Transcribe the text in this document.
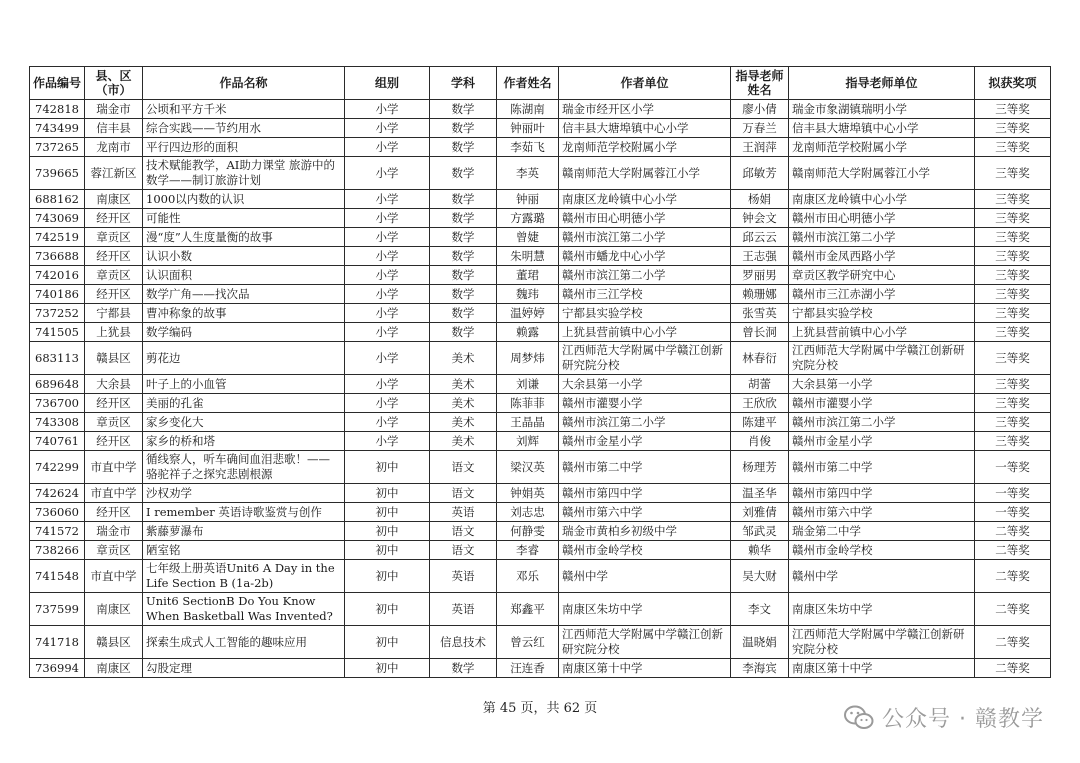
作品编号	县、区（市）	作品名称	组别	学科	作者姓名	作者单位	指导老师姓名	指导老师单位	拟获奖项
742818	瑞金市	公顷和平方千米	小学	数学	陈湖南	瑞金市经开区小学	廖小倩	瑞金市象湖镇瑞明小学	三等奖
743499	信丰县	综合实践——节约用水	小学	数学	钟丽叶	信丰县大塘埠镇中心小学	万春兰	信丰县大塘埠镇中心小学	三等奖
737265	龙南市	平行四边形的面积	小学	数学	李茹飞	龙南师范学校附属小学	王润萍	龙南师范学校附属小学	三等奖
739665	蓉江新区	技术赋能教学，AI助力课堂 旅游中的数学——制订旅游计划	小学	数学	李英	赣南师范大学附属蓉江小学	邱敏芳	赣南师范大学附属蓉江小学	三等奖
688162	南康区	1000以内数的认识	小学	数学	钟丽	南康区龙岭镇中心小学	杨娟	南康区龙岭镇中心小学	三等奖
743069	经开区	可能性	小学	数学	方露璐	赣州市田心明德小学	钟会文	赣州市田心明德小学	三等奖
742519	章贡区	漫“度”人生度量衡的故事	小学	数学	曾婕	赣州市滨江第二小学	邱云云	赣州市滨江第二小学	三等奖
736688	经开区	认识小数	小学	数学	朱明慧	赣州市蟠龙中心小学	王志强	赣州市金凤西路小学	三等奖
742016	章贡区	认识面积	小学	数学	董珺	赣州市滨江第二小学	罗丽男	章贡区教学研究中心	三等奖
740186	经开区	数学广角——找次品	小学	数学	魏玮	赣州市三江学校	赖珊娜	赣州市三江赤湖小学	三等奖
737252	宁都县	曹冲称象的故事	小学	数学	温婷婷	宁都县实验学校	张雪英	宁都县实验学校	三等奖
741505	上犹县	数学编码	小学	数学	赖露	上犹县营前镇中心小学	曾长洞	上犹县营前镇中心小学	三等奖
683113	赣县区	剪花边	小学	美术	周梦炜	江西师范大学附属中学赣江创新研究院分校	林春衍	江西师范大学附属中学赣江创新研究院分校	三等奖
689648	大余县	叶子上的小血管	小学	美术	刘谦	大余县第一小学	胡蕾	大余县第一小学	三等奖
736700	经开区	美丽的孔雀	小学	美术	陈菲菲	赣州市灌婴小学	王欣欣	赣州市灌婴小学	三等奖
743308	章贡区	家乡变化大	小学	美术	王晶晶	赣州市滨江第二小学	陈建平	赣州市滨江第二小学	三等奖
740761	经开区	家乡的桥和塔	小学	美术	刘辉	赣州市金星小学	肖俊	赣州市金星小学	三等奖
742299	市直中学	循线察人，听车确间血泪悲歌！——骆驼祥子之探究悲剧根源	初中	语文	梁汉英	赣州市第二中学	杨理芳	赣州市第二中学	一等奖
742624	市直中学	沙权劝学	初中	语文	钟娟英	赣州市第四中学	温圣华	赣州市第四中学	一等奖
736060	经开区	I remember 英语诗歌鉴赏与创作	初中	英语	刘志忠	赣州市第六中学	刘雅倩	赣州市第六中学	一等奖
741572	瑞金市	紫藤萝瀑布	初中	语文	何静雯	瑞金市黄柏乡初级中学	邹武灵	瑞金第二中学	二等奖
738266	章贡区	陋室铭	初中	语文	李睿	赣州市金岭学校	赖华	赣州市金岭学校	二等奖
741548	市直中学	七年级上册英语Unit6 A Day in the Life Section B (1a-2b)	初中	英语	邓乐	赣州中学	吴大财	赣州中学	二等奖
737599	南康区	Unit6 SectionB Do You Know When Basketball Was Invented?	初中	英语	郑鑫平	南康区朱坊中学	李文	南康区朱坊中学	二等奖
741718	赣县区	探索生成式人工智能的趣味应用	初中	信息技术	曾云红	江西师范大学附属中学赣江创新研究院分校	温晓娟	江西师范大学附属中学赣江创新研究院分校	二等奖
736994	南康区	勾股定理	初中	数学	汪连香	南康区第十中学	李海宾	南康区第十中学	二等奖
第 45 页，共 62 页	公众号 · 赣教学
